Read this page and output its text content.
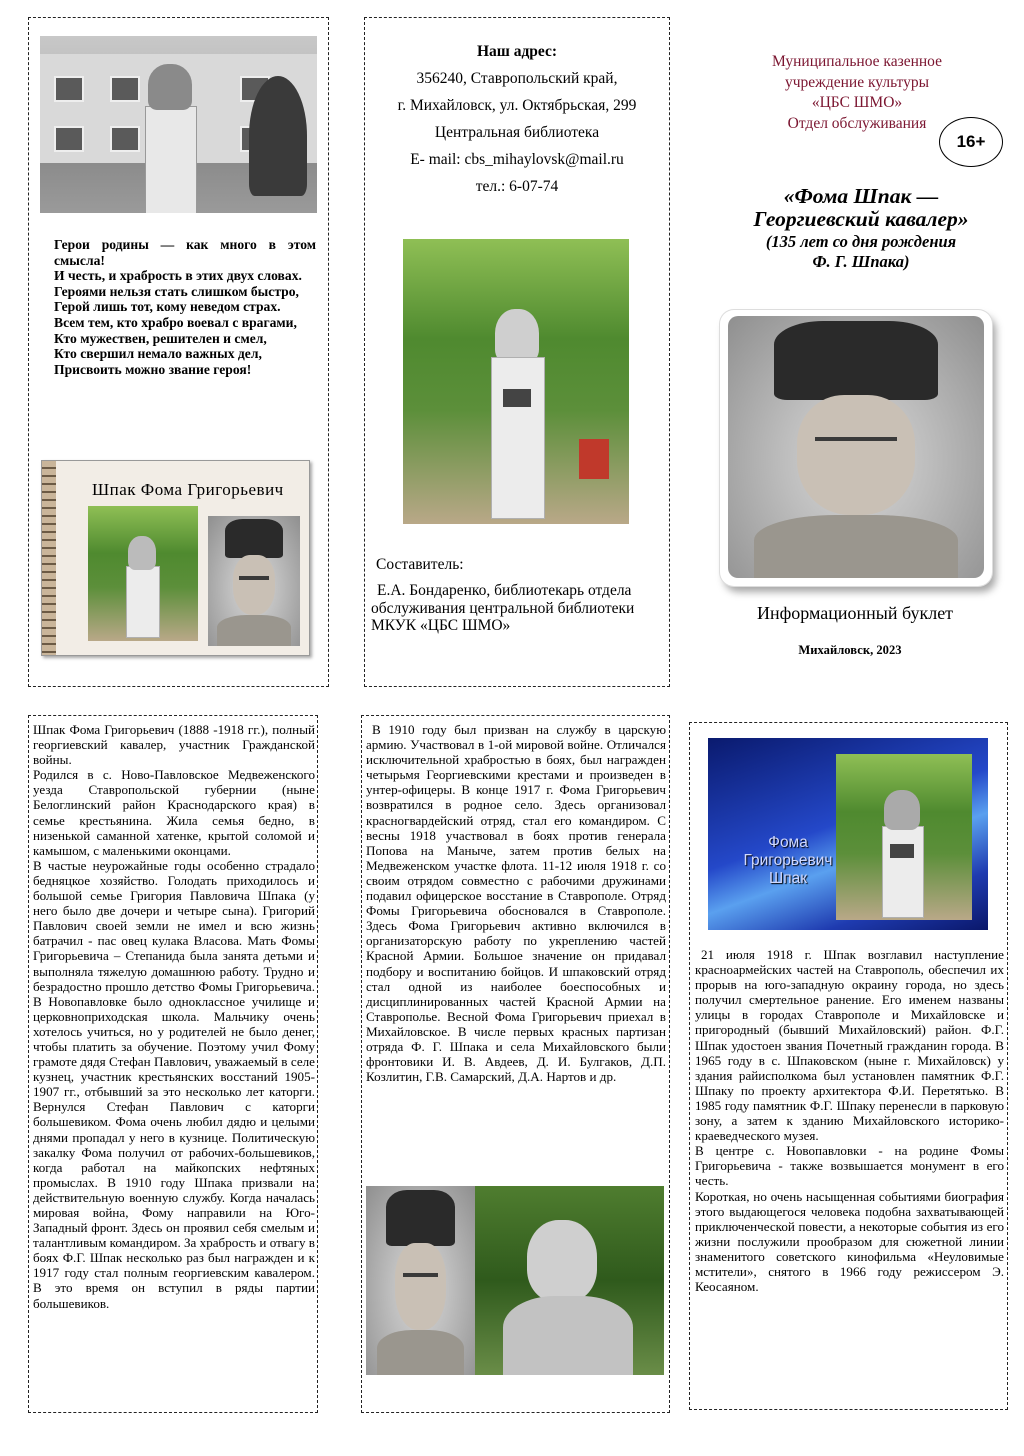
Герои родины — как много в этом смысла!

И честь, и храбрость в этих двух словах.

Героями нельзя стать слишком быстро,

Герой лишь тот, кому неведом страх.

Всем тем, кто храбро воевал с врагами,

Кто мужествен, решителен и смел,

Кто свершил немало важных дел,

Присвоить можно звание героя!

Шпак Фома Григорьевич
Наш адрес:
356240, Ставропольский край,
г. Михайловск, ул. Октябрьская, 299
Центральная библиотека
E- mail: cbs_mihaylovsk@mail.ru
тел.: 6-07-74
Составитель:
Е.А. Бондаренко, библиотекарь отдела обслуживания центральной библиотеки МКУК «ЦБС ШМО»
Муниципальное казенное
учреждение культуры
«ЦБС ШМО»
Отдел обслуживания
16+
«Фома Шпак —
Георгиевский кавалер»
(135 лет со дня рождения
Ф. Г. Шпака)
Информационный буклет
Михайловск, 2023

Шпак Фома Григорьевич (1888 -1918 гг.), полный георгиевский кавалер, участник Гражданской войны.

Родился в с. Ново-Павловское Медвеженского уезда Ставропольской губернии (ныне Белоглинский район Краснодарского края) в семье крестьянина. Жила семья бедно, в низенькой саманной хатенке, крытой соломой и камышом, с маленькими оконцами.

В частые неурожайные годы особенно страдало бедняцкое хозяйство. Голодать приходилось и большой семье Григория Павловича Шпака (у него было две дочери и четыре сына). Григорий Павлович своей земли не имел и всю жизнь батрачил - пас овец кулака Власова. Мать Фомы Григорьевича – Степанида была занята детьми и выполняла тяжелую домашнюю работу. Трудно и безрадостно прошло детство Фомы Григорьевича. В Новопавловке было одноклассное училище и церковноприходская школа. Мальчику очень хотелось учиться, но у родителей не было денег, чтобы платить за обучение. Поэтому учил Фому грамоте дядя Стефан Павлович, уважаемый в селе кузнец, участник крестьянских восстаний 1905-1907 гг., отбывший за это несколько лет каторги. Вернулся Стефан Павлович с каторги большевиком. Фома очень любил дядю и целыми днями пропадал у него в кузнице. Политическую закалку Фома получил от рабочих-большевиков, когда работал на майкопских нефтяных промыслах. В 1910 году Шпака призвали на действительную военную службу. Когда началась мировая война, Фому направили на Юго-Западный фронт. Здесь он проявил себя смелым и талантливым командиром. За храбрость и отвагу в боях Ф.Г. Шпак несколько раз был награжден и к 1917 году стал полным георгиевским кавалером. В это время он вступил в ряды партии большевиков.

В 1910 году был призван на службу в царскую армию. Участвовал в 1-ой мировой войне. Отличался исключительной храбростью в боях, был награжден четырьмя Георгиевскими крестами и произведен в унтер-офицеры. В конце 1917 г. Фома Григорьевич возвратился в родное село. Здесь организовал красногвардейский отряд, стал его командиром. С весны 1918 участвовал в боях против генерала Попова на Маныче, затем против белых на Медвеженском участке флота. 11-12 июля 1918 г. со своим отрядом совместно с рабочими дружинами подавил офицерское восстание в Ставрополе. Отряд Фомы Григорьевича обосновался в Ставрополе. Здесь Фома Григорьевич активно включился в организаторскую работу по укреплению частей Красной Армии. Большое значение он придавал подбору и воспитанию бойцов. И шпаковский отряд стал одной из наиболее боеспособных и дисциплинированных частей Красной Армии на Ставрополье. Весной Фома Григорьевич приехал в Михайловское. В числе первых красных партизан отряда Ф. Г. Шпака и села Михайловского были фронтовики И. В. Авдеев, Д. И. Булгаков, Д.П. Козлитин, Г.В. Самарский, Д.А. Нартов и др.

Фома
Григорьевич
Шпак

21 июля 1918 г. Шпак возглавил наступление красноармейских частей на Ставрополь, обеспечил их прорыв на юго-западную окраину города, но здесь получил смертельное ранение. Его именем названы улицы в городах Ставрополе и Михайловске и пригородный (бывший Михайловский) район. Ф.Г. Шпак удостоен звания Почетный гражданин города. В 1965 году в с. Шпаковском (ныне г. Михайловск) у здания райисполкома был установлен памятник Ф.Г. Шпаку по проекту архитектора Ф.И. Перетятько. В 1985 году памятник Ф.Г. Шпаку перенесли в парковую зону, а затем к зданию Михайловского историко-краеведческого музея.

В центре с. Новопавловки - на родине Фомы Григорьевича - также возвышается монумент в его честь.

Короткая, но очень насыщенная событиями биография этого выдающегося человека подобна захватывающей приключенческой повести, а некоторые события из его жизни послужили прообразом для сюжетной линии знаменитого советского кинофильма «Неуловимые мстители», снятого в 1966 году режиссером Э. Кеосаяном.
